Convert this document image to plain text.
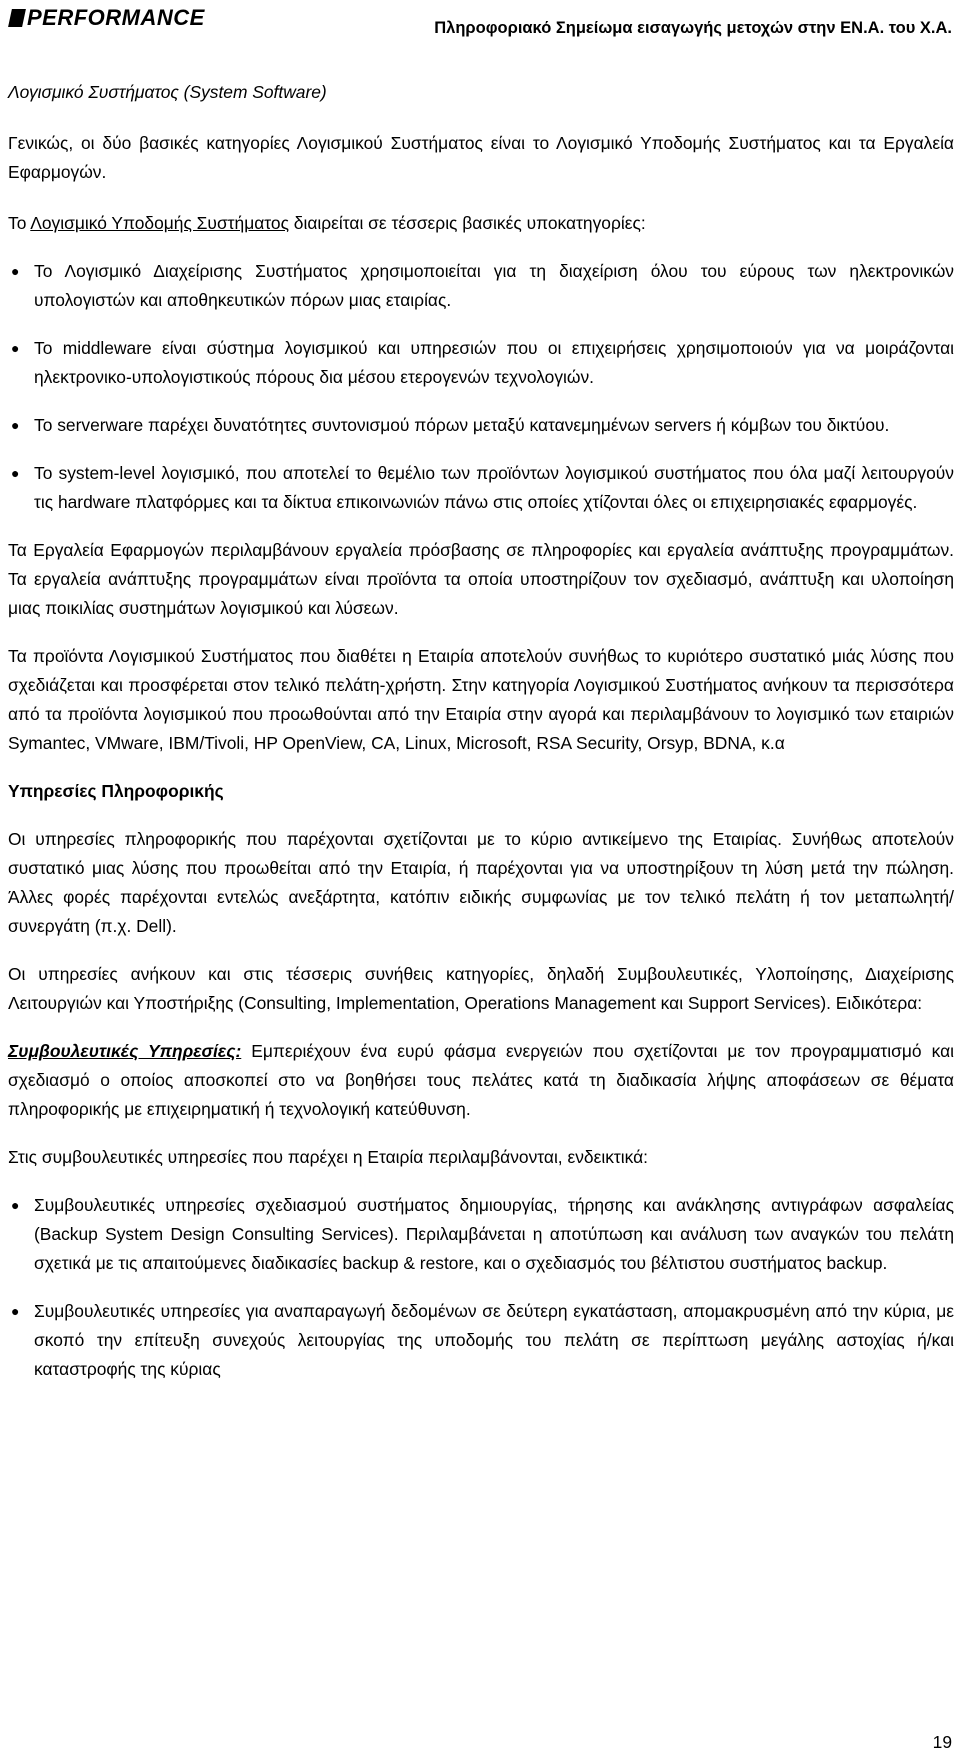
PERFORMANCE	Πληροφοριακό Σημείωμα εισαγωγής μετοχών στην ΕΝ.Α. του Χ.Α.

Λογισμικό Συστήματος (System Software)

Γενικώς, οι δύο βασικές κατηγορίες Λογισμικού Συστήματος είναι το Λογισμικό Υποδομής Συστήματος και τα Εργαλεία Εφαρμογών.

Το Λογισμικό Υποδομής Συστήματος διαιρείται σε τέσσερις βασικές υποκατηγορίες:

● Το Λογισμικό Διαχείρισης Συστήματος χρησιμοποιείται για τη διαχείριση όλου του εύρους των ηλεκτρονικών υπολογιστών και αποθηκευτικών πόρων μιας εταιρίας.
● Το middleware είναι σύστημα λογισμικού και υπηρεσιών που οι επιχειρήσεις χρησιμοποιούν για να μοιράζονται ηλεκτρονικο-υπολογιστικούς πόρους δια μέσου ετερογενών τεχνολογιών.
● Το serverware παρέχει δυνατότητες συντονισμού πόρων μεταξύ κατανεμημένων servers ή κόμβων του δικτύου.
● Το system-level λογισμικό, που αποτελεί το θεμέλιο των προϊόντων λογισμικού συστήματος που όλα μαζί λειτουργούν τις hardware πλατφόρμες και τα δίκτυα επικοινωνιών πάνω στις οποίες χτίζονται όλες οι επιχειρησιακές εφαρμογές.

Τα Εργαλεία Εφαρμογών περιλαμβάνουν εργαλεία πρόσβασης σε πληροφορίες και εργαλεία ανάπτυξης προγραμμάτων. Τα εργαλεία ανάπτυξης προγραμμάτων είναι προϊόντα τα οποία υποστηρίζουν τον σχεδιασμό, ανάπτυξη και υλοποίηση μιας ποικιλίας συστημάτων λογισμικού και λύσεων.

Τα προϊόντα Λογισμικού Συστήματος που διαθέτει η Εταιρία αποτελούν συνήθως το κυριότερο συστατικό μιάς λύσης που σχεδιάζεται και προσφέρεται στον τελικό πελάτη-χρήστη. Στην κατηγορία Λογισμικού Συστήματος ανήκουν τα περισσότερα από τα προϊόντα λογισμικού που προωθούνται από την Εταιρία στην αγορά και περιλαμβάνουν το λογισμικό των εταιριών Symantec, VMware, IBM/Tivoli, HP OpenView, CA, Linux, Microsoft, RSA Security, Orsyp, BDNA, κ.α

Υπηρεσίες Πληροφορικής

Οι υπηρεσίες πληροφορικής που παρέχονται σχετίζονται με το κύριο αντικείμενο της Εταιρίας. Συνήθως αποτελούν συστατικό μιας λύσης που προωθείται από την Εταιρία, ή παρέχονται για να υποστηρίξουν τη λύση μετά την πώληση. Άλλες φορές παρέχονται εντελώς ανεξάρτητα, κατόπιν ειδικής συμφωνίας με τον τελικό πελάτη ή τον μεταπωλητή/συνεργάτη (π.χ. Dell).

Οι υπηρεσίες ανήκουν και στις τέσσερις συνήθεις κατηγορίες, δηλαδή Συμβουλευτικές, Υλοποίησης, Διαχείρισης Λειτουργιών και Υποστήριξης (Consulting, Implementation, Operations Management και Support Services). Ειδικότερα:

Συμβουλευτικές Υπηρεσίες: Εμπεριέχουν ένα ευρύ φάσμα ενεργειών που σχετίζονται με τον προγραμματισμό και σχεδιασμό ο οποίος αποσκοπεί στο να βοηθήσει τους πελάτες κατά τη διαδικασία λήψης αποφάσεων σε θέματα πληροφορικής με επιχειρηματική ή τεχνολογική κατεύθυνση.

Στις συμβουλευτικές υπηρεσίες που παρέχει η Εταιρία περιλαμβάνονται, ενδεικτικά:

● Συμβουλευτικές υπηρεσίες σχεδιασμού συστήματος δημιουργίας, τήρησης και ανάκλησης αντιγράφων ασφαλείας (Backup System Design Consulting Services). Περιλαμβάνεται η αποτύπωση και ανάλυση των αναγκών του πελάτη σχετικά με τις απαιτούμενες διαδικασίες backup & restore, και ο σχεδιασμός του βέλτιστου συστήματος backup.
● Συμβουλευτικές υπηρεσίες για αναπαραγωγή δεδομένων σε δεύτερη εγκατάσταση, απομακρυσμένη από την κύρια, με σκοπό την επίτευξη συνεχούς λειτουργίας της υποδομής του πελάτη σε περίπτωση μεγάλης αστοχίας ή/και καταστροφής της κύριας
19
